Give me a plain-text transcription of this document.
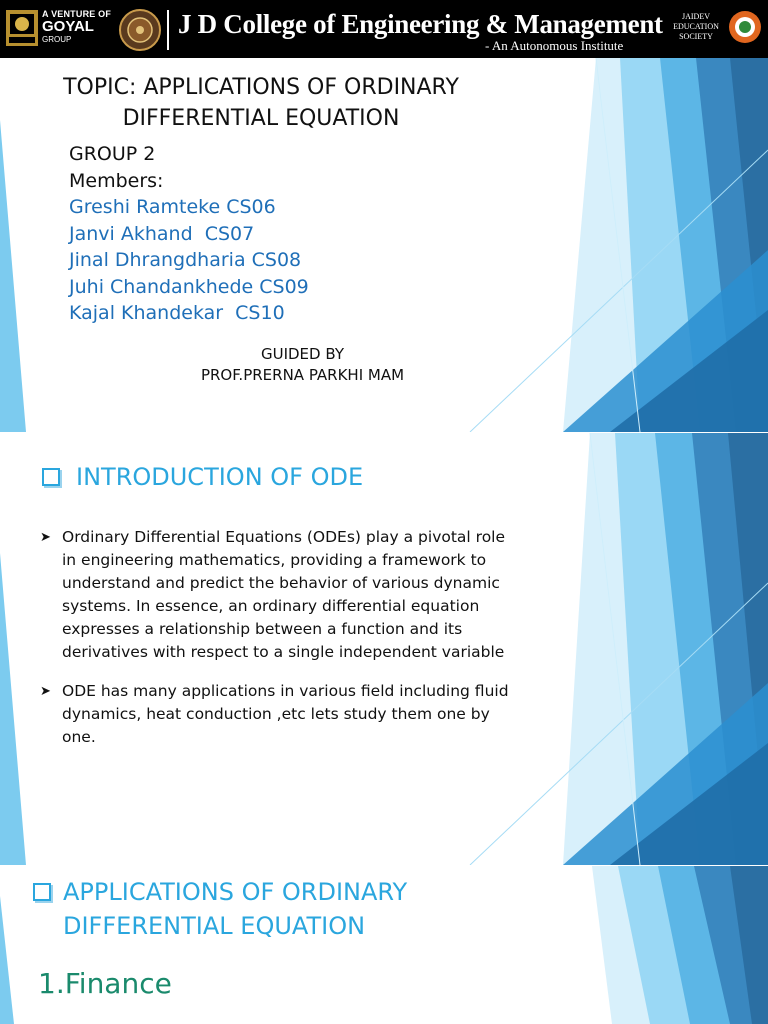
A VENTURE OF
GOYAL
GROUP
J D College of Engineering & Management
- An Autonomous Institute
JAIDEV
EDUCATION
SOCIETY
TOPIC: APPLICATIONS OF ORDINARY
DIFFERENTIAL EQUATION
GROUP 2
Members:
Greshi Ramteke CS06
Janvi Akhand  CS07
Jinal Dhrangdharia CS08
Juhi Chandankhede CS09
Kajal Khandekar  CS10
GUIDED BY
PROF.PRERNA PARKHI MAM
INTRODUCTION OF ODE
➤ Ordinary Differential Equations (ODEs) play a pivotal role in engineering mathematics, providing a framework to understand and predict the behavior of various dynamic systems. In essence, an ordinary differential equation expresses a relationship between a function and its derivatives with respect to a single independent variable
➤ ODE has many applications in various field including fluid dynamics, heat conduction ,etc lets study them one by one.
APPLICATIONS OF ORDINARY
DIFFERENTIAL EQUATION
1.Finance
